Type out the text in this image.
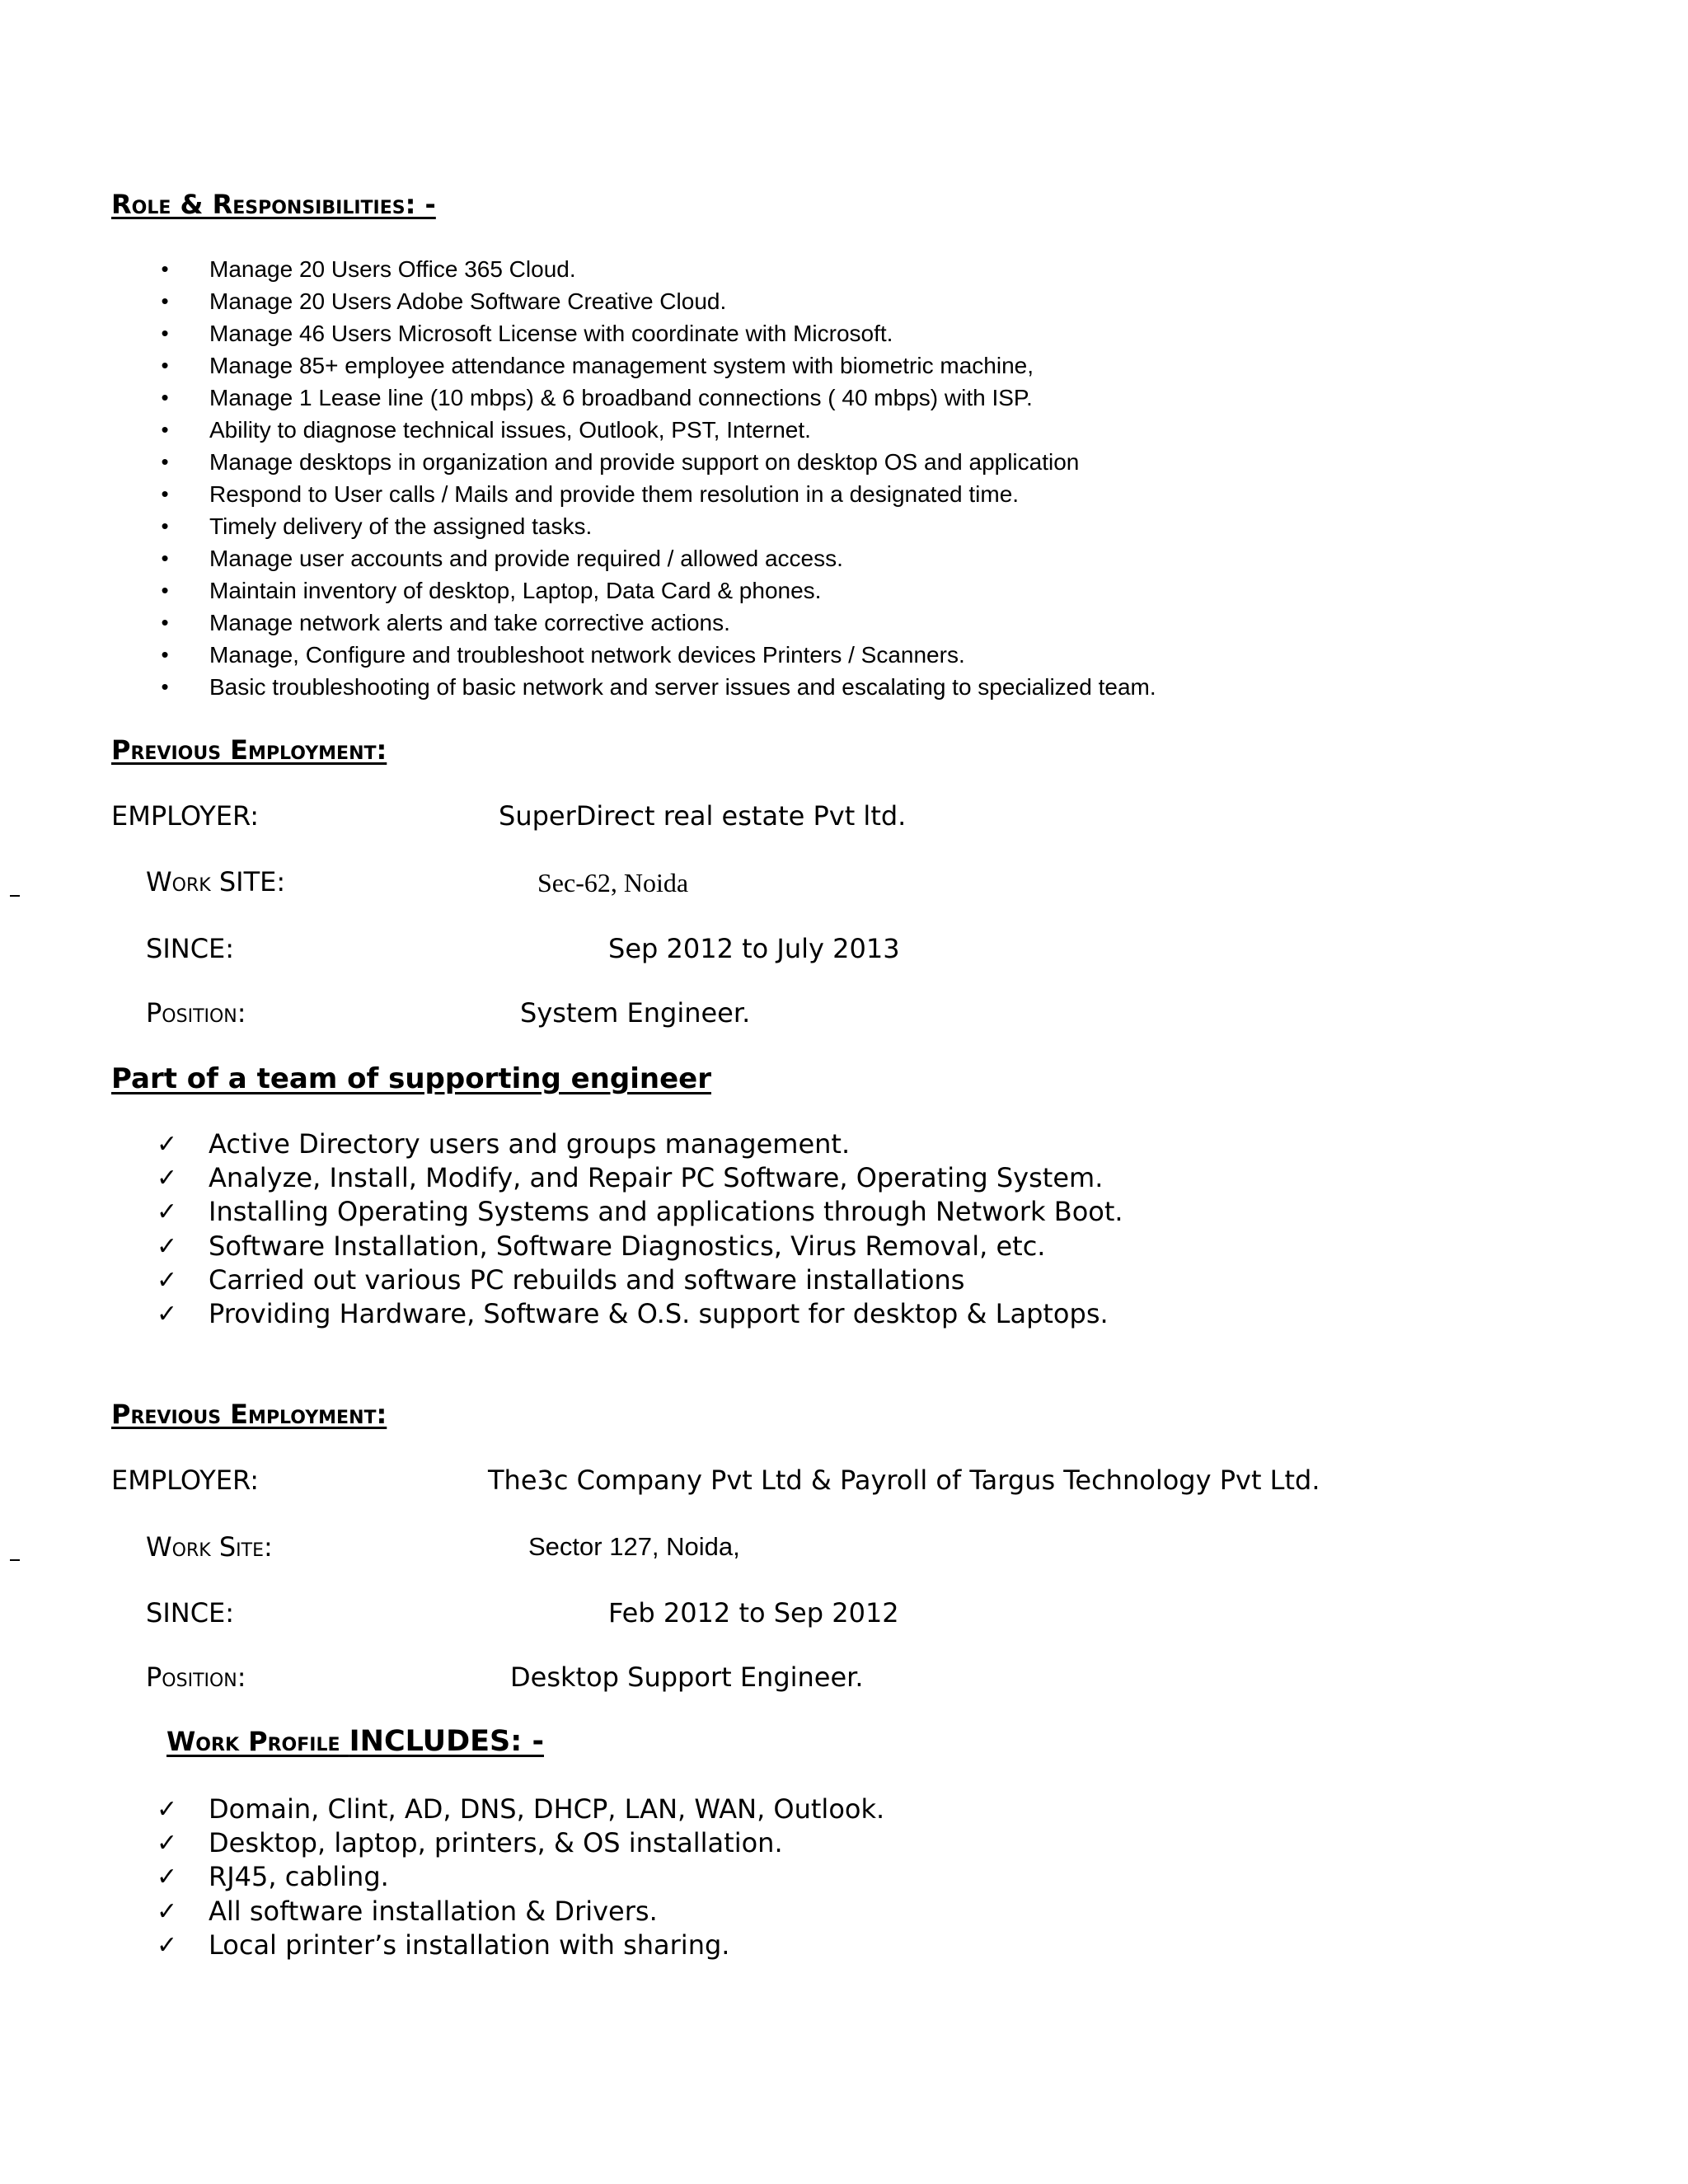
Role & Responsibilities: -
• Manage 20 Users Office 365 Cloud.
• Manage 20 Users Adobe Software Creative Cloud.
• Manage 46 Users Microsoft License with coordinate with Microsoft.
• Manage 85+ employee attendance management system with biometric machine,
• Manage 1 Lease line (10 mbps) & 6 broadband connections ( 40 mbps) with ISP.
• Ability to diagnose technical issues, Outlook, PST, Internet.
• Manage desktops in organization and provide support on desktop OS and application
• Respond to User calls / Mails and provide them resolution in a designated time.
• Timely delivery of the assigned tasks.
• Manage user accounts and provide required / allowed access.
• Maintain inventory of desktop, Laptop, Data Card & phones.
• Manage network alerts and take corrective actions.
• Manage, Configure and troubleshoot network devices Printers / Scanners.
• Basic troubleshooting of basic network and server issues and escalating to specialized team.
Previous Employment:
EMPLOYER:	SuperDirect real estate Pvt ltd.
Work SITE:	Sec-62, Noida
SINCE:	Sep 2012 to July 2013
Position:	System Engineer.
Part of a team of supporting engineer
✓ Active Directory users and groups management.
✓ Analyze, Install, Modify, and Repair PC Software, Operating System.
✓ Installing Operating Systems and applications through Network Boot.
✓ Software Installation, Software Diagnostics, Virus Removal, etc.
✓ Carried out various PC rebuilds and software installations
✓ Providing Hardware, Software & O.S. support for desktop & Laptops.
Previous Employment:
EMPLOYER:	The3c Company Pvt Ltd & Payroll of Targus Technology Pvt Ltd.
Work Site:	Sector 127, Noida,
SINCE:	Feb 2012 to Sep 2012
Position:	Desktop Support Engineer.
Work Profile INCLUDES: -
✓ Domain, Clint, AD, DNS, DHCP, LAN, WAN, Outlook.
✓ Desktop, laptop, printers, & OS installation.
✓ RJ45, cabling.
✓ All software installation & Drivers.
✓ Local printer’s installation with sharing.
